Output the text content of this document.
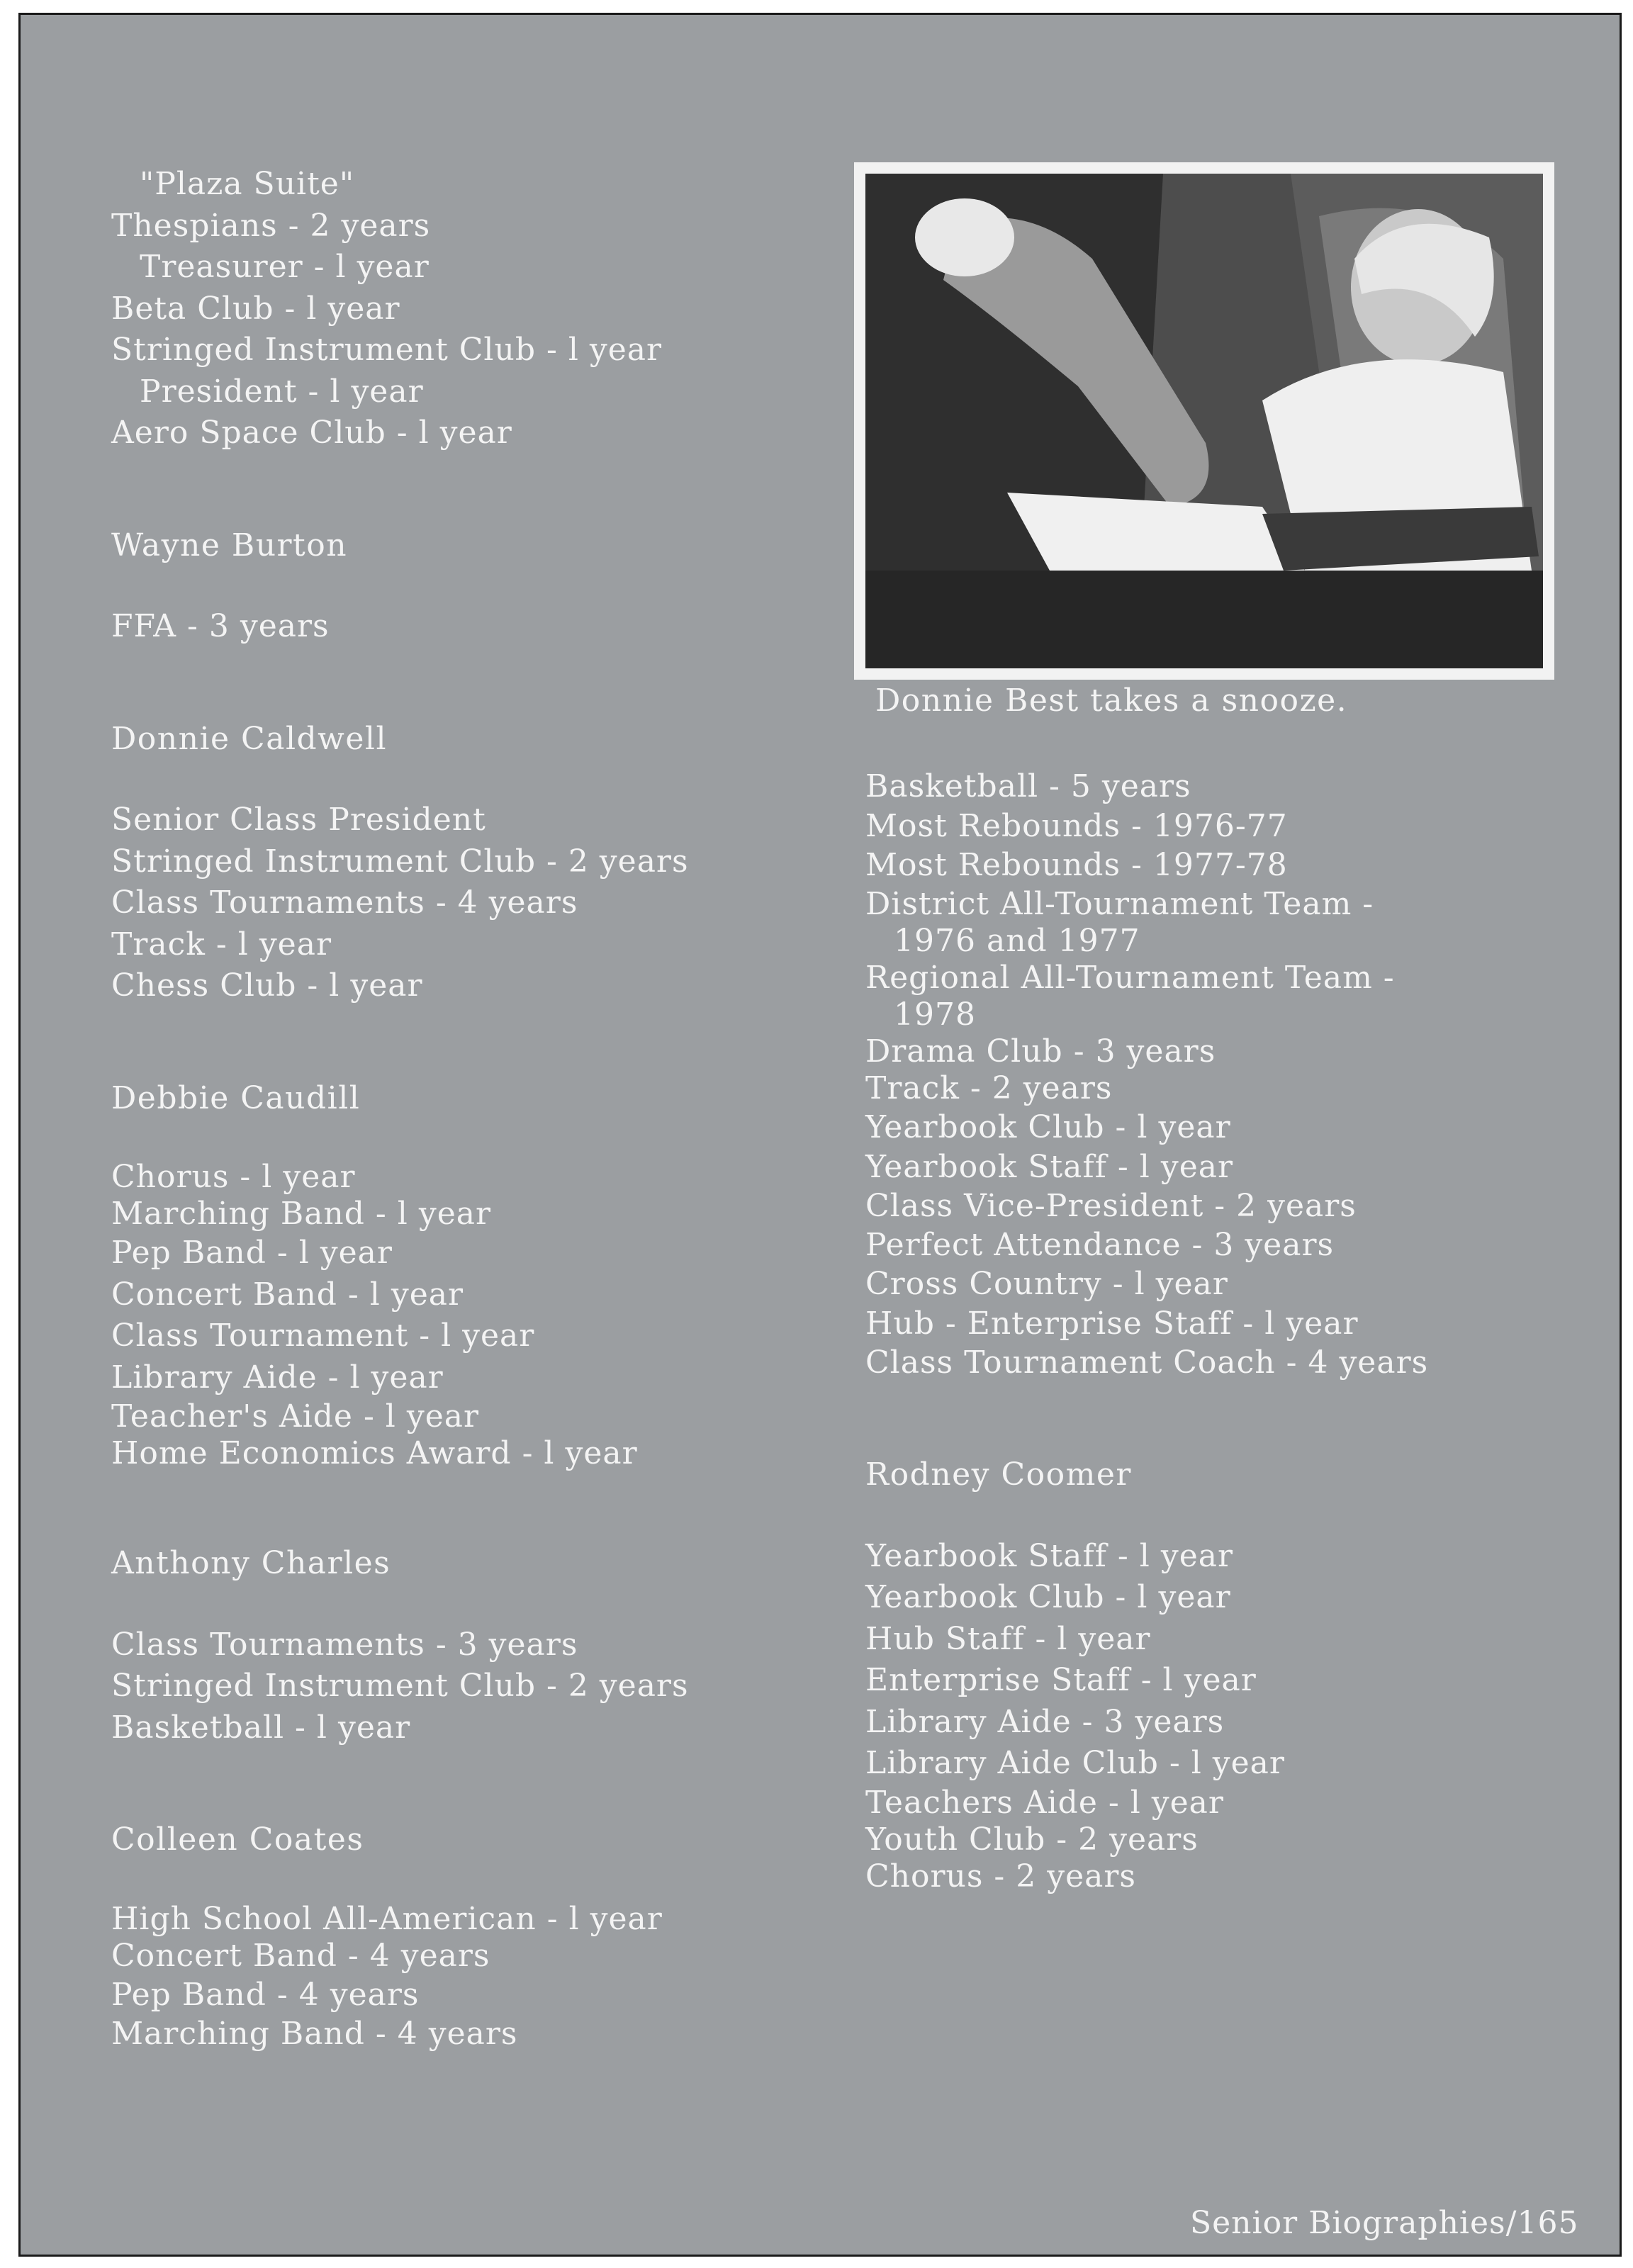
"Plaza Suite"
Thespians - 2 years
Treasurer - l year
Beta Club - l year
Stringed Instrument Club - l year
President - l year
Aero Space Club - l year
Wayne Burton
FFA - 3 years
Donnie Caldwell
Senior Class President
Stringed Instrument Club - 2 years
Class Tournaments - 4 years
Track - l year
Chess Club - l year
Debbie Caudill
Chorus - l year
Marching Band - l year
Pep Band - l year
Concert Band - l year
Class Tournament - l year
Library Aide - l year
Teacher's Aide - l year
Home Economics Award - l year
Anthony Charles
Class Tournaments - 3 years
Stringed Instrument Club - 2 years
Basketball - l year
Colleen Coates
High School All-American - l year
Concert Band - 4 years
Pep Band - 4 years
Marching Band - 4 years
Donnie Best takes a snooze.
Basketball - 5 years
Most Rebounds - 1976-77
Most Rebounds - 1977-78
District All-Tournament Team -
1976 and 1977
Regional All-Tournament Team -
1978
Drama Club - 3 years
Track - 2 years
Yearbook Club - l year
Yearbook Staff - l year
Class Vice-President - 2 years
Perfect Attendance - 3 years
Cross Country - l year
Hub - Enterprise Staff - l year
Class Tournament Coach - 4 years
Rodney Coomer
Yearbook Staff - l year
Yearbook Club - l year
Hub Staff - l year
Enterprise Staff - l year
Library Aide - 3 years
Library Aide Club - l year
Teachers Aide - l year
Youth Club - 2 years
Chorus - 2 years
Senior Biographies/165
